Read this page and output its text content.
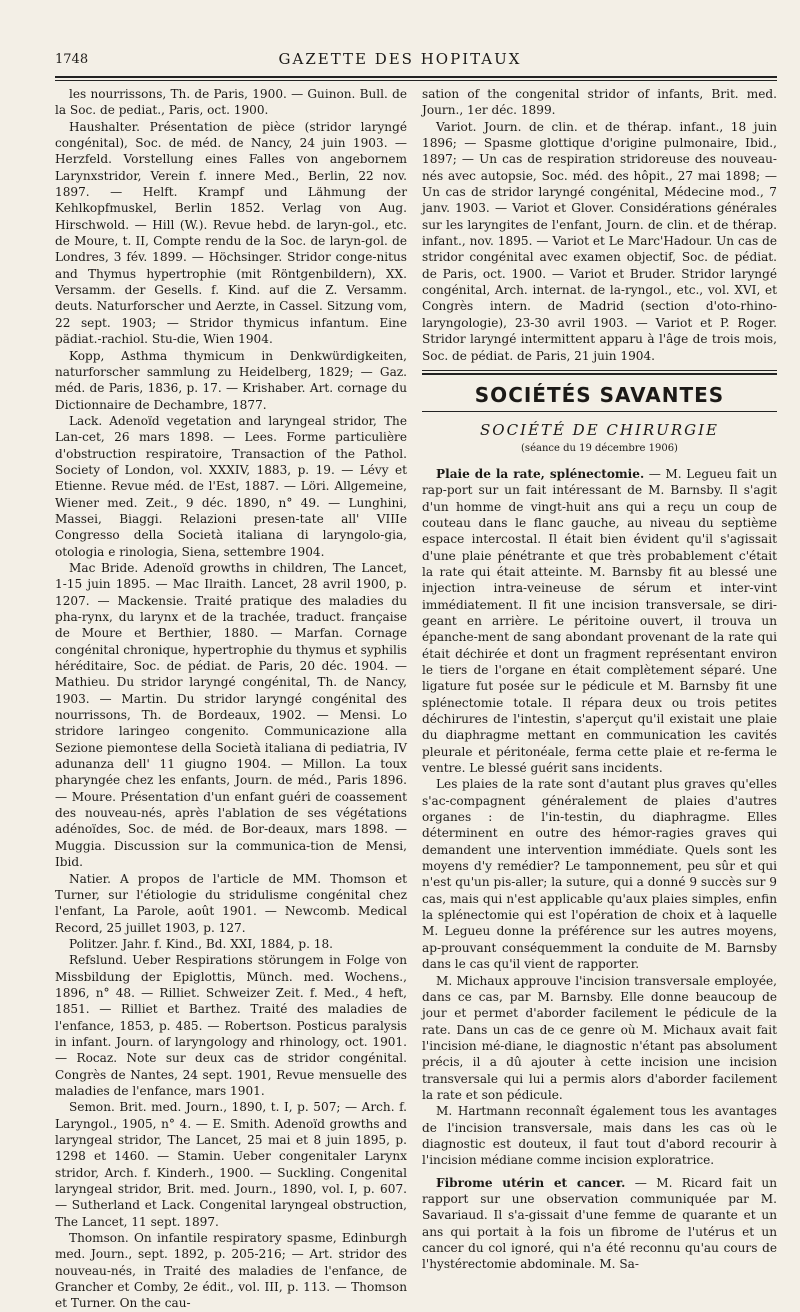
1748	GAZETTE DES HOPITAUX

les nourrissons, Th. de Paris, 1900. — Guinon. Bull. de la Soc. de pediat., Paris, oct. 1900.

Haushalter. Présentation de pièce (stridor laryngé congénital), Soc. de méd. de Nancy, 24 juin 1903. — Herzfeld. Vorstellung eines Falles von angebornem Larynxstridor, Verein f. innere Med., Berlin, 22 nov. 1897. — Helft. Krampf und Lähmung der Kehlkopfmuskel, Berlin 1852. Verlag von Aug. Hirschwold. — Hill (W.). Revue hebd. de laryn-gol., etc. de Moure, t. II, Compte rendu de la Soc. de laryn-gol. de Londres, 3 fév. 1899. — Höchsinger. Stridor conge-nitus and Thymus hypertrophie (mit Röntgenbildern), XX. Versamm. der Gesells. f. Kind. auf die Z. Versamm. deuts. Naturforscher und Aerzte, in Cassel. Sitzung vom, 22 sept. 1903; — Stridor thymicus infantum. Eine pädiat.-rachiol. Stu-die, Wien 1904.

Kopp, Asthma thymicum in Denkwürdigkeiten, naturforscher sammlung zu Heidelberg, 1829; — Gaz. méd. de Paris, 1836, p. 17. — Krishaber. Art. cornage du Dictionnaire de Dechambre, 1877.

Lack. Adenoïd vegetation and laryngeal stridor, The Lan-cet, 26 mars 1898. — Lees. Forme particulière d'obstruction respiratoire, Transaction of the Pathol. Society of London, vol. XXXIV, 1883, p. 19. — Lévy et Etienne. Revue méd. de l'Est, 1887. — Löri. Allgemeine, Wiener med. Zeit., 9 déc. 1890, n° 49. — Lunghini, Massei, Biaggi. Relazioni presen-tate all' VIIIe Congresso della Società italiana di laryngolo-gia, otologia e rinologia, Siena, settembre 1904.

Mac Bride. Adenoïd growths in children, The Lancet, 1-15 juin 1895. — Mac Ilraith. Lancet, 28 avril 1900, p. 1207. — Mackensie. Traité pratique des maladies du pha-rynx, du larynx et de la trachée, traduct. française de Moure et Berthier, 1880. — Marfan. Cornage congénital chronique, hypertrophie du thymus et syphilis héréditaire, Soc. de pédiat. de Paris, 20 déc. 1904. — Mathieu. Du stridor laryngé congénital, Th. de Nancy, 1903. — Martin. Du stridor laryngé congénital des nourrissons, Th. de Bordeaux, 1902. — Mensi. Lo stridore laringeo congenito. Communicazione alla Sezione piemontese della Società italiana di pediatria, IV adunanza dell' 11 giugno 1904. — Millon. La toux pharyngée chez les enfants, Journ. de méd., Paris 1896. — Moure. Présentation d'un enfant guéri de coassement des nouveau-nés, après l'ablation de ses végétations adénoïdes, Soc. de méd. de Bor-deaux, mars 1898. — Muggia. Discussion sur la communica-tion de Mensi, Ibid.

Natier. A propos de l'article de MM. Thomson et Turner, sur l'étiologie du stridulisme congénital chez l'enfant, La Parole, août 1901. — Newcomb. Medical Record, 25 juillet 1903, p. 127.

Politzer. Jahr. f. Kind., Bd. XXI, 1884, p. 18.

Refslund. Ueber Respirations störungem in Folge von Missbildung der Epiglottis, Münch. med. Wochens., 1896, n° 48. — Rilliet. Schweizer Zeit. f. Med., 4 heft, 1851. — Rilliet et Barthez. Traité des maladies de l'enfance, 1853, p. 485. — Robertson. Posticus paralysis in infant. Journ. of laryngology and rhinology, oct. 1901. — Rocaz. Note sur deux cas de stridor congénital. Congrès de Nantes, 24 sept. 1901, Revue mensuelle des maladies de l'enfance, mars 1901.

Semon. Brit. med. Journ., 1890, t. I, p. 507; — Arch. f. Laryngol., 1905, n° 4. — E. Smith. Adenoïd growths and laryngeal stridor, The Lancet, 25 mai et 8 juin 1895, p. 1298 et 1460. — Stamin. Ueber congenitaler Larynx stridor, Arch. f. Kinderh., 1900. — Suckling. Congenital laryngeal stridor, Brit. med. Journ., 1890, vol. I, p. 607. — Sutherland et Lack. Congenital laryngeal obstruction, The Lancet, 11 sept. 1897.

Thomson. On infantile respiratory spasme, Edinburgh med. Journ., sept. 1892, p. 205-216; — Art. stridor des nouveau-nés, in Traité des maladies de l'enfance, de Grancher et Comby, 2e édit., vol. III, p. 113. — Thomson et Turner. On the cau-

sation of the congenital stridor of infants, Brit. med. Journ., 1er déc. 1899.

Variot. Journ. de clin. et de thérap. infant., 18 juin 1896; — Spasme glottique d'origine pulmonaire, Ibid., 1897; — Un cas de respiration stridoreuse des nouveau-nés avec autopsie, Soc. méd. des hôpit., 27 mai 1898; — Un cas de stridor laryngé congénital, Médecine mod., 7 janv. 1903. — Variot et Glover. Considérations générales sur les laryngites de l'enfant, Journ. de clin. et de thérap. infant., nov. 1895. — Variot et Le Marc'Hadour. Un cas de stridor congénital avec examen objectif, Soc. de pédiat. de Paris, oct. 1900. — Variot et Bruder. Stridor laryngé congénital, Arch. internat. de la-ryngol., etc., vol. XVI, et Congrès intern. de Madrid (section d'oto-rhino-laryngologie), 23-30 avril 1903. — Variot et P. Roger. Stridor laryngé intermittent apparu à l'âge de trois mois, Soc. de pédiat. de Paris, 21 juin 1904.

SOCIÉTÉS SAVANTES
SOCIÉTÉ DE CHIRURGIE
(séance du 19 décembre 1906)

Plaie de la rate, splénectomie. — M. Legueu fait un rap-port sur un fait intéressant de M. Barnsby. Il s'agit d'un homme de vingt-huit ans qui a reçu un coup de couteau dans le flanc gauche, au niveau du septième espace intercostal. Il était bien évident qu'il s'agissait d'une plaie pénétrante et que très probablement c'était la rate qui était atteinte. M. Barnsby fit au blessé une injection intra-veineuse de sérum et inter-vint immédiatement. Il fit une incision transversale, se diri-geant en arrière. Le péritoine ouvert, il trouva un épanche-ment de sang abondant provenant de la rate qui était déchirée et dont un fragment représentant environ le tiers de l'organe en était complètement séparé. Une ligature fut posée sur le pédicule et M. Barnsby fit une splénectomie totale. Il répara deux ou trois petites déchirures de l'intestin, s'aperçut qu'il existait une plaie du diaphragme mettant en communication les cavités pleurale et péritonéale, ferma cette plaie et re-ferma le ventre. Le blessé guérit sans incidents.

Les plaies de la rate sont d'autant plus graves qu'elles s'ac-compagnent généralement de plaies d'autres organes : de l'in-testin, du diaphragme. Elles déterminent en outre des hémor-ragies graves qui demandent une intervention immédiate. Quels sont les moyens d'y remédier? Le tamponnement, peu sûr et qui n'est qu'un pis-aller; la suture, qui a donné 9 succès sur 9 cas, mais qui n'est applicable qu'aux plaies simples, enfin la splénectomie qui est l'opération de choix et à laquelle M. Legueu donne la préférence sur les autres moyens, ap-prouvant conséquemment la conduite de M. Barnsby dans le cas qu'il vient de rapporter.

M. Michaux approuve l'incision transversale employée, dans ce cas, par M. Barnsby. Elle donne beaucoup de jour et permet d'aborder facilement le pédicule de la rate. Dans un cas de ce genre où M. Michaux avait fait l'incision mé-diane, le diagnostic n'étant pas absolument précis, il a dû ajouter à cette incision une incision transversale qui lui a permis alors d'aborder facilement la rate et son pédicule.

M. Hartmann reconnaît également tous les avantages de l'incision transversale, mais dans les cas où le diagnostic est douteux, il faut tout d'abord recourir à l'incision médiane comme incision exploratrice.

Fibrome utérin et cancer. — M. Ricard fait un rapport sur une observation communiquée par M. Savariaud. Il s'a-gissait d'une femme de quarante et un ans qui portait à la fois un fibrome de l'utérus et un cancer du col ignoré, qui n'a été reconnu qu'au cours de l'hystérectomie abdominale. M. Sa-
